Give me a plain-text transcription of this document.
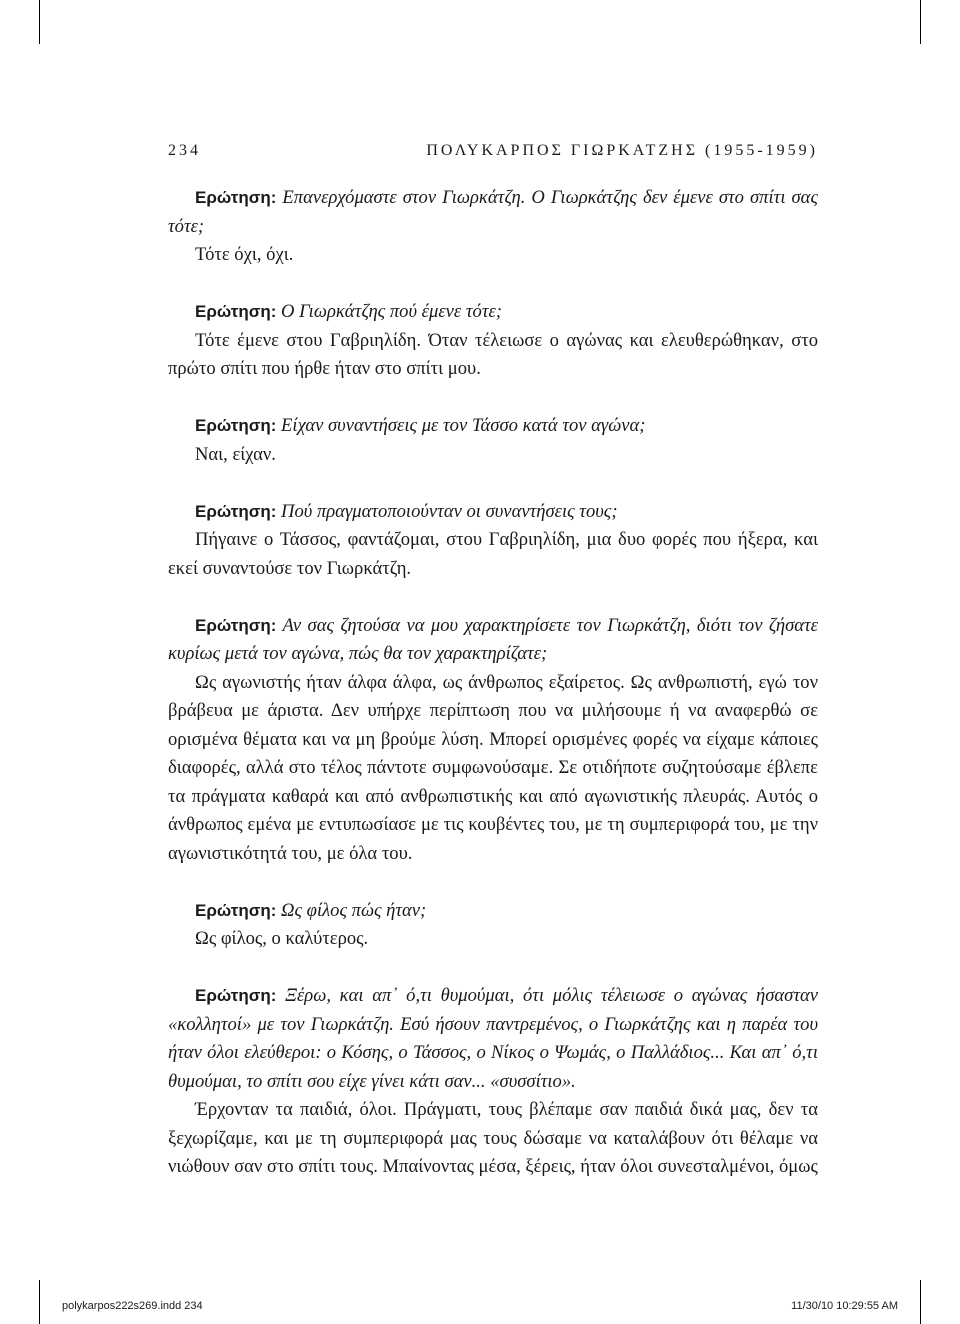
234	ΠΟΛΥΚΑΡΠΟΣ ΓΙΩΡΚΑΤΖΗΣ (1955-1959)

Ερώτηση: Επανερχόμαστε στον Γιωρκάτζη. Ο Γιωρκάτζης δεν έμενε στο σπίτι σας τότε;

Τότε όχι, όχι.

Ερώτηση: Ο Γιωρκάτζης πού έμενε τότε;

Τότε έμενε στου Γαβριηλίδη. Όταν τέλειωσε ο αγώνας και ελευθερώθηκαν, στο πρώτο σπίτι που ήρθε ήταν στο σπίτι μου.

Ερώτηση: Είχαν συναντήσεις με τον Τάσσο κατά τον αγώνα;

Ναι, είχαν.

Ερώτηση: Πού πραγματοποιούνταν οι συναντήσεις τους;

Πήγαινε ο Τάσσος, φαντάζομαι, στου Γαβριηλίδη, μια δυο φορές που ήξερα, και εκεί συναντούσε τον Γιωρκάτζη.

Ερώτηση: Αν σας ζητούσα να μου χαρακτηρίσετε τον Γιωρκάτζη, διότι τον ζήσατε κυρίως μετά τον αγώνα, πώς θα τον χαρακτηρίζατε;

Ως αγωνιστής ήταν άλφα άλφα, ως άνθρωπος εξαίρετος. Ως ανθρωπιστή, εγώ τον βράβευα με άριστα. Δεν υπήρχε περίπτωση που να μιλήσουμε ή να αναφερθώ σε ορισμένα θέματα και να μη βρούμε λύση. Μπορεί ορισμένες φορές να είχαμε κάποιες διαφορές, αλλά στο τέλος πάντοτε συμφωνούσαμε. Σε οτιδήποτε συζητούσαμε έβλεπε τα πράγματα καθαρά και από ανθρωπιστικής και από αγωνιστικής πλευράς. Αυτός ο άνθρωπος εμένα με εντυπωσίασε με τις κουβέντες του, με τη συμπεριφορά του, με την αγωνιστικότητά του, με όλα του.

Ερώτηση: Ως φίλος πώς ήταν;

Ως φίλος, ο καλύτερος.

Ερώτηση: Ξέρω, και απ᾽ ό,τι θυμούμαι, ότι μόλις τέλειωσε ο αγώνας ήσασταν «κολλητοί» με τον Γιωρκάτζη. Εσύ ήσουν παντρεμένος, ο Γιωρκάτζης και η παρέα του ήταν όλοι ελεύθεροι: ο Κόσης, ο Τάσσος, ο Νίκος ο Ψωμάς, ο Παλλάδιος... Και απ᾽ ό,τι θυμούμαι, το σπίτι σου είχε γίνει κάτι σαν... «συσσίτιο».

Έρχονταν τα παιδιά, όλοι. Πράγματι, τους βλέπαμε σαν παιδιά δικά μας, δεν τα ξεχωρίζαμε, και με τη συμπεριφορά μας τους δώσαμε να καταλάβουν ότι θέλαμε να νιώθουν σαν στο σπίτι τους. Μπαίνοντας μέσα, ξέρεις, ήταν όλοι συνεσταλμένοι, όμως

polykarpos222s269.indd 234	11/30/10 10:29:55 AM
